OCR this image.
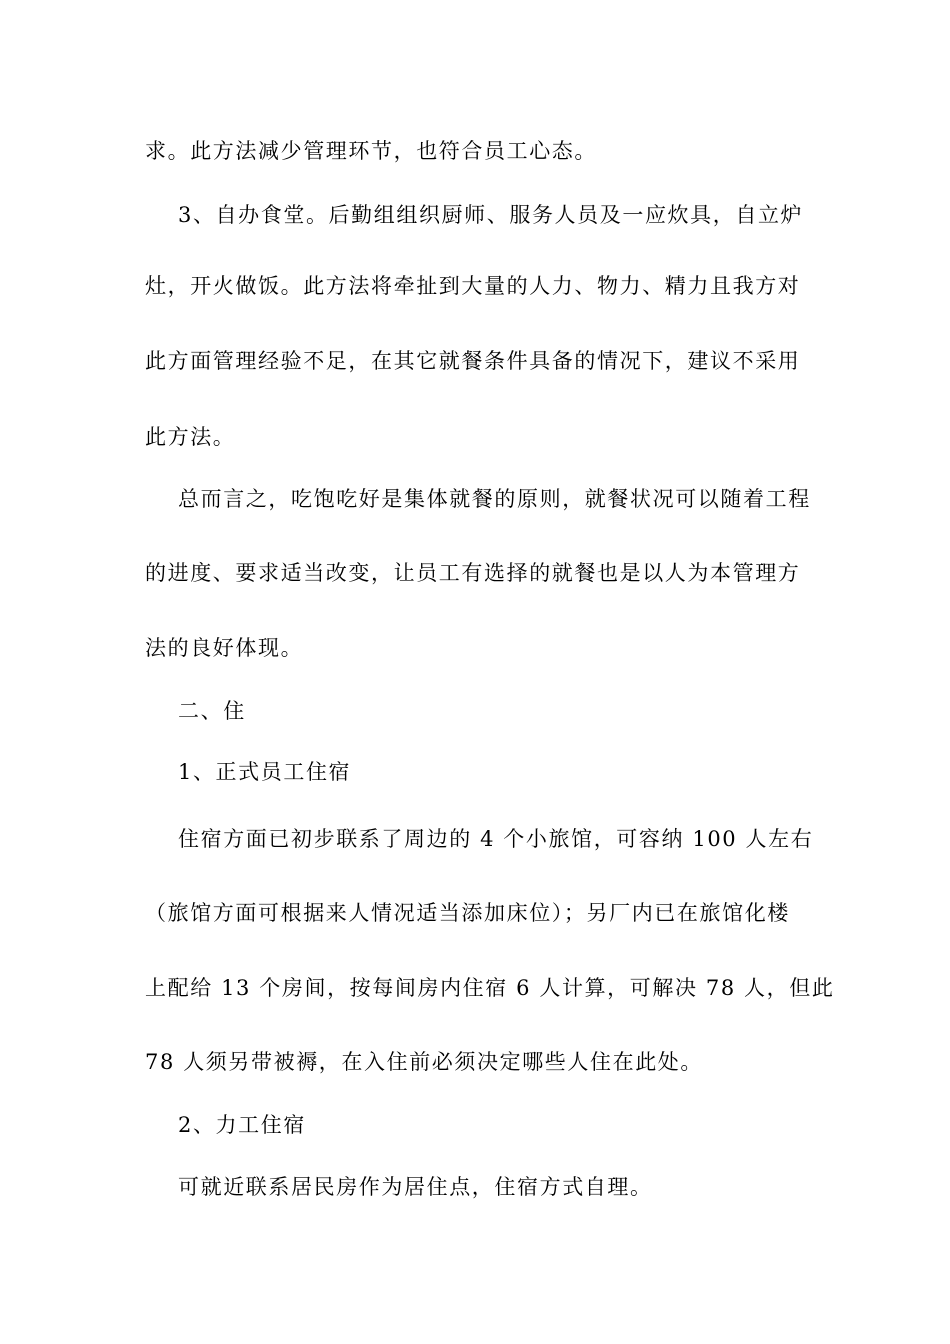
求。此方法减少管理环节，也符合员工心态。
3、自办食堂。后勤组组织厨师、服务人员及一应炊具，自立炉
灶，开火做饭。此方法将牵扯到大量的人力、物力、精力且我方对
此方面管理经验不足，在其它就餐条件具备的情况下，建议不采用
此方法。
总而言之，吃饱吃好是集体就餐的原则，就餐状况可以随着工程
的进度、要求适当改变，让员工有选择的就餐也是以人为本管理方
法的良好体现。
二、住
1、正式员工住宿
住宿方面已初步联系了周边的 4 个小旅馆，可容纳 100 人左右
（旅馆方面可根据来人情况适当添加床位）；另厂内已在旅馆化楼
上配给 13 个房间，按每间房内住宿 6 人计算，可解决 78 人，但此
78 人须另带被褥，在入住前必须决定哪些人住在此处。
2、力工住宿
可就近联系居民房作为居住点，住宿方式自理。
